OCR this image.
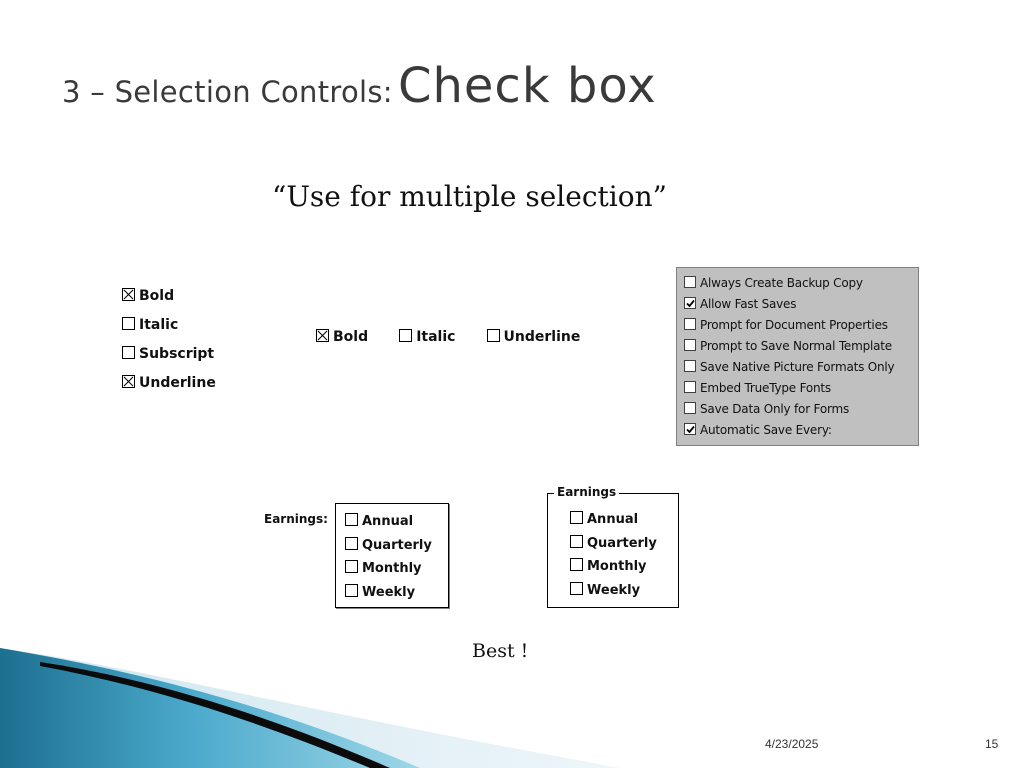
3 – Selection Controls: Check box
“Use for multiple selection”
Bold
Italic
Subscript
Underline
Bold	Italic	Underline
Always Create Backup Copy
Allow Fast Saves
Prompt for Document Properties
Prompt to Save Normal Template
Save Native Picture Formats Only
Embed TrueType Fonts
Save Data Only for Forms
Automatic Save Every:
Earnings:	Annual
Quarterly
Monthly
Weekly
Earnings
Annual
Quarterly
Monthly
Weekly
Best !
4/23/2025	15
